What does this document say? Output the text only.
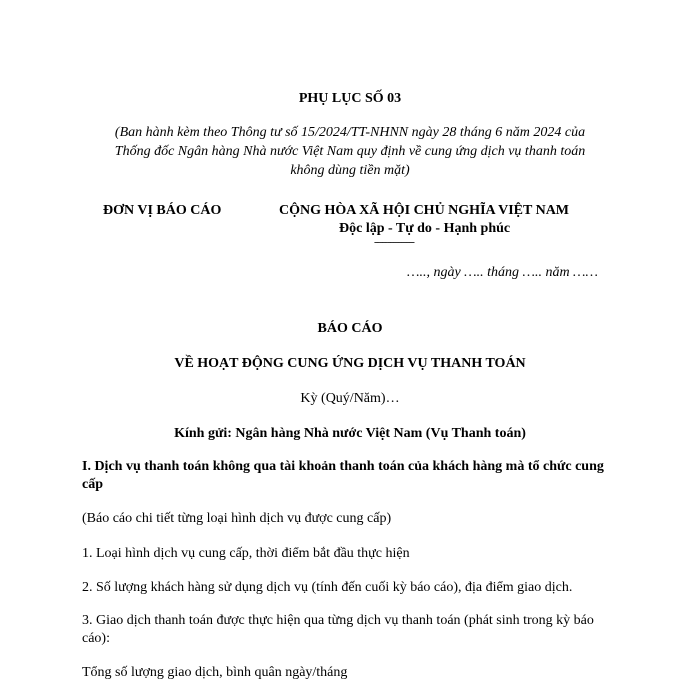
PHỤ LỤC SỐ 03
(Ban hành kèm theo Thông tư số 15/2024/TT-NHNN ngày 28 tháng 6 năm 2024 của
Thống đốc Ngân hàng Nhà nước Việt Nam quy định về cung ứng dịch vụ thanh toán
không dùng tiền mặt)
ĐƠN VỊ BÁO CÁO	CỘNG HÒA XÃ HỘI CHỦ NGHĨA VIỆT NAM
Độc lập - Tự do - Hạnh phúc
---------------
….., ngày ….. tháng ….. năm ……
BÁO CÁO
VỀ HOẠT ĐỘNG CUNG ỨNG DỊCH VỤ THANH TOÁN
Kỳ (Quý/Năm)…
Kính gửi: Ngân hàng Nhà nước Việt Nam (Vụ Thanh toán)
I. Dịch vụ thanh toán không qua tài khoản thanh toán của khách hàng mà tổ chức cung cấp
(Báo cáo chi tiết từng loại hình dịch vụ được cung cấp)
1. Loại hình dịch vụ cung cấp, thời điểm bắt đầu thực hiện
2. Số lượng khách hàng sử dụng dịch vụ (tính đến cuối kỳ báo cáo), địa điểm giao dịch.
3. Giao dịch thanh toán được thực hiện qua từng dịch vụ thanh toán (phát sinh trong kỳ báo cáo):
Tổng số lượng giao dịch, bình quân ngày/tháng
